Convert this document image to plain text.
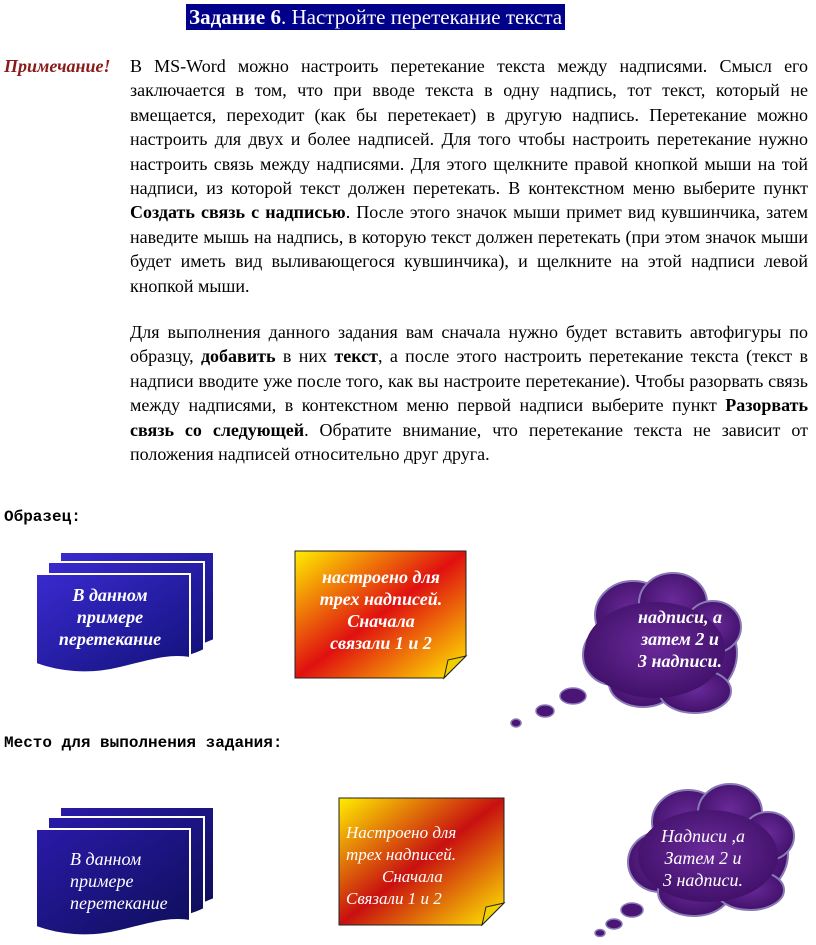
Задание 6. Настройте перетекание текста
Примечание! В MS-Word можно настроить перетекание текста между надписями. Смысл его заключается в том, что при вводе текста в одну надпись, тот текст, который не вмещается, переходит (как бы перетекает) в другую надпись. Перетекание можно настроить для двух и более надписей. Для того чтобы настроить перетекание нужно настроить связь между надписями. Для этого щелкните правой кнопкой мыши на той надписи, из которой текст должен перетекать. В контекстном меню выберите пункт Создать связь с надписью. После этого значок мыши примет вид кувшинчика, затем наведите мышь на надпись, в которую текст должен перетекать (при этом значок мыши будет иметь вид выливающегося кувшинчика), и щелкните на этой надписи левой кнопкой мыши.
Для выполнения данного задания вам сначала нужно будет вставить автофигуры по образцу, добавить в них текст, а после этого настроить перетекание текста (текст в надписи вводите уже после того, как вы настроите перетекание). Чтобы разорвать связь между надписями, в контекстном меню первой надписи выберите пункт Разорвать связь со следующей. Обратите внимание, что перетекание текста не зависит от положения надписей относительно друг друга.
Образец:
Место для выполнения задания:
В данном
примере
перетекание
настроено для
трех надписей.
Сначала
связали 1 и 2
надписи, а
затем 2 и
3 надписи.
В данном
примере
перетекание
Настроено для
трех надписей.
Сначала
Связали 1 и 2
Надписи ,а
Затем 2 и
3 надписи.
